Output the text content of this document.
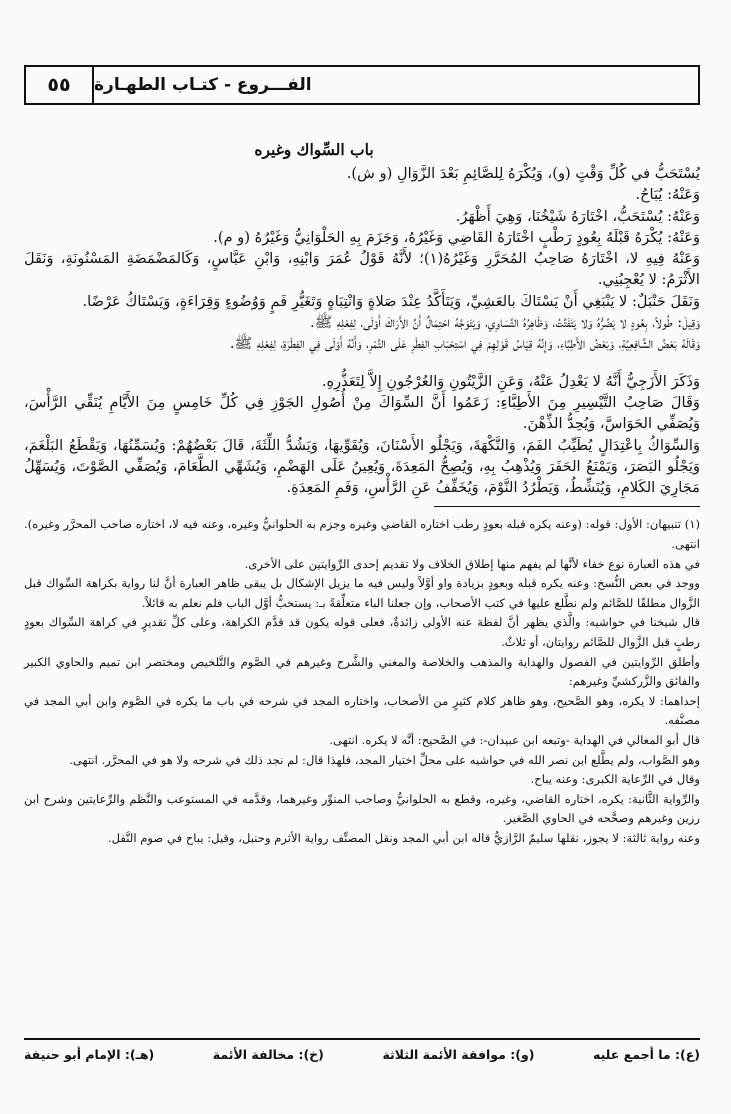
٥٥	الفـــروع - كتـاب الطهـارة
باب السِّواك وغيره

يُسْتَحَبُّ في كُلِّ وَقْتٍ (و)، وَيُكْرَهُ لِلصَّائِمِ بَعْدَ الزَّوَالِ (و ش).

وَعَنْهُ: يُبَاحُ.

وَعَنْهُ: يُسْتَحَبُّ، اخْتَارَهُ شَيْخُنَا، وَهِيَ أَظْهَرُ.

وَعَنْهُ: يُكْرَهُ قَبْلَهُ بِعُودٍ رَطْبٍ اخْتَارَهُ القَاضِي وَغَيْرُهُ، وَجَزَمَ بِهِ الحَلْوَانِيُّ وَغَيْرُهُ (و م).

وَعَنْهُ فِيهِ لا، اخْتَارَهُ صَاحِبُ المُحَرَّرِ وَغَيْرُهُ(١)؛ لأَنَّهُ قَوْلُ عُمَرَ وَابْنِهِ، وَابْنِ عَبَّاسٍ، وَكَالمَضْمَضَةِ المَسْنُونَةِ، وَنَقَلَ الأَثْرَمُ: لا يُعْجِبُنِي.

وَنَقَلَ حَنْبَلٌ: لا يَنْبَغِي أَنْ يَسْتَاكَ بالعَشِيِّ، وَيَتَأَكَّدُ عِنْدَ صَلاةٍ وَانْتِبَاهٍ وَتَغَيُّرِ فَمٍ وَوُضُوءٍ وَقِرَاءَةٍ، وَيَسْتَاكُ عَرْضًا.

وَقِيلَ: طُولاً، بِعُودٍ لا يَضُرُّهُ وَلا يَتَفَتَّتُ، وَظَاهِرُهُ التَّسَاوِي، وَيَتَوَجَّهُ احْتِمَالٌ أَنَّ الأَرَاكَ أَوْلَى، لِفِعْلِهِ ﷺ.

وَقَالَهُ بَعْضُ الشَّافِعِيَّةِ، وَبَعْضُ الأَطِبَّاءِ، وَإِنَّهُ قِيَاسُ قَوْلِهِمْ فِي اسْتِحْبَابِ الفِطْرِ عَلَى التَّمْرِ، وَأَنَّهُ أَوْلَى فِي الفِطْرَةِ، لِفِعْلِهِ ﷺ.

وَذَكَرَ الأَزَجِيُّ أَنَّهُ لا يَعْدِلُ عَنْهُ، وَعَنِ الزَّيْتُونِ وَالعُرْجُونِ إِلاَّ لِتَعَذُّرِهِ.

وَقَالَ صَاحِبُ التَّيْسِيرِ مِنَ الأَطِبَّاءِ: زَعَمُوا أَنَّ السِّوَاكَ مِنْ أُصُولِ الجَوْزِ فِي كُلِّ خَامِسٍ مِنَ الأَيَّامِ يُنَقِّي الرَّأْسَ، وَيُصَفِّي الحَوَاسَّ، وَيُحِدُّ الذِّهْنَ.

وَالسِّوَاكُ بِاعْتِدَالٍ يُطَيِّبُ الفَمَ، وَالنَّكْهَةَ، وَيَجْلُو الأَسْنَانَ، وَيُقَوِّيهَا، وَيَشُدُّ اللِّثَةَ، قَالَ بَعْضُهُمْ: وَيُسَمِّنُهَا، وَيَقْطَعُ البَلْغَمَ، وَيَجْلُو البَصَرَ، وَيَمْنَعُ الحَفَرَ وَيُذْهِبُ بِهِ، وَيُصِحُّ المَعِدَةَ، وَيُعِينُ عَلَى الهَضْمِ، وَيُشَهِّي الطَّعَامَ، وَيُصَفِّي الصَّوْتَ، وَيُسَهِّلُ مَجَارِيَ الكَلامِ، وَيُنَشِّطُ، وَيَطْرُدُ النَّوْمَ، وَيُخَفِّفُ عَنِ الرَّأْسِ، وَفَمِ المَعِدَةِ.

(١) تنبيهان: الأول: قوله: (وعنه يكره قبله بعودٍ رطب اختاره القاضي وغيره وجزم به الحلوانيُّ وغيره، وعنه فيه لا، اختاره صاحب المحرَّر وغيره). انتهى.

في هذه العبارة نوع خفاء لأنَّها لم يفهم منها إطلاق الخلاف ولا تقديم إحدى الرِّوايتين على الأخرى.

ووجد في بعض النُّسخ: وعنه يكره قبله وبعودٍ بزيادة واو أوَّلاً وليس فيه ما يزيل الإشكال بل يبقى ظاهر العبارة أنَّ لنا رواية بكراهة السِّواك قبل الزَّوال مطلقًا للصَّائم ولم نطَّلع عليها في كتب الأصحاب، وإن جعلنا الباء متعلِّقةً بـ: يستحبُّ أوَّل الباب فلم نعلم به قائلاً.

قال شيخنا في حواشيه: والَّذي يظهر أنَّ لفظة عنه الأولى زائدةٌ، فعلى قوله يكون قد قدَّم الكراهة، وعلى كلِّ تقديرٍ في كراهة السِّواك بعودٍ رطبٍ قبل الزَّوال للصَّائم روايتان، أو ثلاثٌ.

وأطلق الرِّوايتين في الفصول والهداية والمذهب والخلاصة والمغني والشَّرح وغيرهم في الصَّوم والتَّلخيص ومختصر ابن تميم والحاوي الكبير والفائق والزَّركشيِّ وغيرهم:

إحداهما: لا يكره، وهو الصَّحيح، وهو ظاهر كلام كثيرٍ من الأصحاب، واختاره المجد في شرحه في باب ما يكره في الصَّوم وابن أبي المجد في مصنَّفه.

قال أبو المعالي في الهداية -وتبعه ابن عبيدان-: في الصَّحيح: أنَّه لا يكره. انتهى.

وهو الصَّواب، ولم يطَّلع ابن نصر الله في حواشيه على محلِّ اختيار المجد، فلهذا قال: لم نجد ذلك في شرحه ولا هو في المحرَّر. انتهى.

وقال في الرِّعاية الكبرى: وعنه يباح.

والرِّواية الثَّانية: يكره، اختاره القاضي، وغيره، وقطع به الحلوانيُّ وصاحب المنوِّر وغيرهما، وقدَّمه في المستوعب والنَّظم والرِّعايتين وشرح ابن رزين وغيرهم وصحَّحه في الحاوي الصَّغير.

وعنه رواية ثالثة: لا يجوز، نقلها سليمٌ الرَّازيُّ قاله ابن أبي المجد ونقل المصنِّف رواية الأثرم وحنبل، وقيل: يباح في صوم النَّفل.

(ع): ما أجمع عليه
(و): موافقة الأئمة الثلاثة
(خ): مخالفة الأئمة
(هـ): الإمام أبو حنيفة
